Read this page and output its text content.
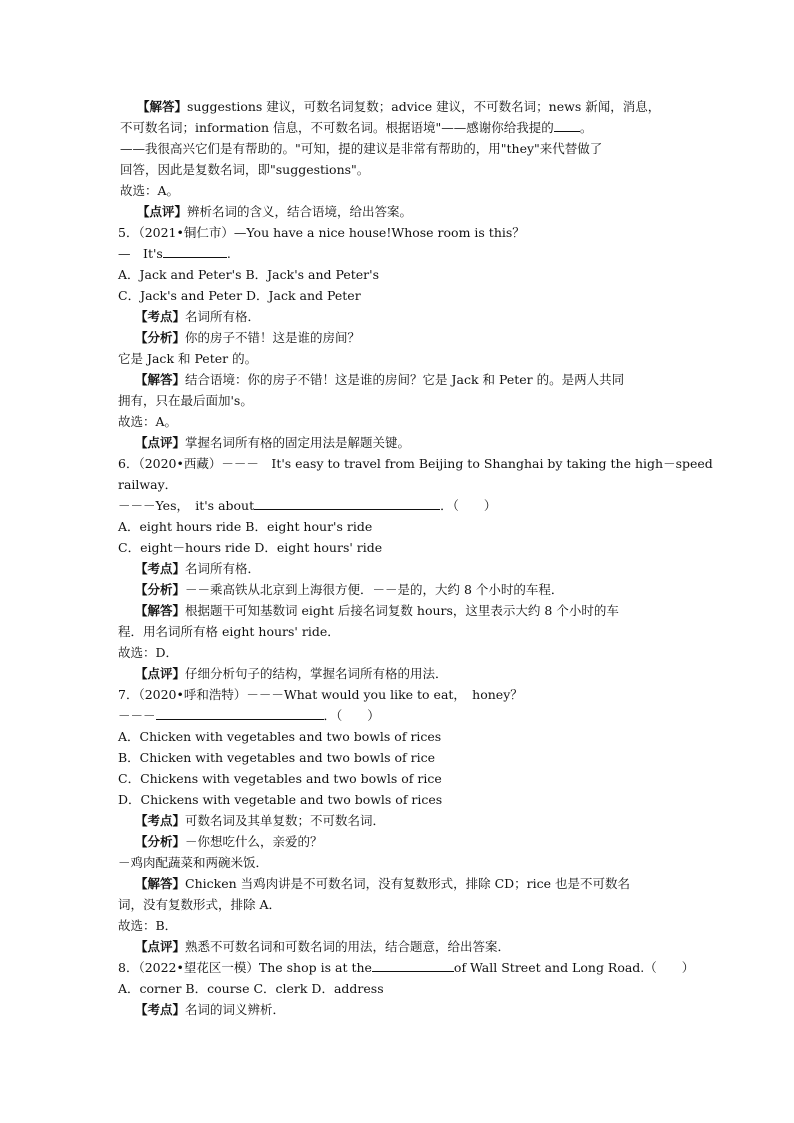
【解答】suggestions 建议，可数名词复数；advice 建议，不可数名词；news 新闻，消息，
不可数名词；information 信息，不可数名词。根据语境"——感谢你给我提的 。
——我很高兴它们是有帮助的。"可知，提的建议是非常有帮助的，用"they"来代替做了
回答，因此是复数名词，即"suggestions"。
故选：A。
【点评】辨析名词的含义，结合语境，给出答案。
5．（2021•铜仁市）—You have a nice house!Whose room is this？
—　It's	.
A．Jack and Peter's B．Jack's and Peter's
C．Jack's and Peter D．Jack and Peter
【考点】名词所有格．
【分析】你的房子不错！这是谁的房间？
它是 Jack 和 Peter 的。
【解答】结合语境：你的房子不错！这是谁的房间？它是 Jack 和 Peter 的。是两人共同
拥有，只在最后面加's。
故选：A。
【点评】掌握名词所有格的固定用法是解题关键。
6．（2020•西藏）－－－　It's easy to travel from Beijing to Shanghai by taking the high－speed
railway．
－－－Yes，　it's about	．（　　）
A．eight hours ride B．eight hour's ride
C．eight－hours ride D．eight hours' ride
【考点】名词所有格．
【分析】－－乘高铁从北京到上海很方便．－－是的，大约 8 个小时的车程．
【解答】根据题干可知基数词 eight 后接名词复数 hours，这里表示大约 8 个小时的车
程．用名词所有格 eight hours' ride．
故选：D．
【点评】仔细分析句子的结构，掌握名词所有格的用法．
7．（2020•呼和浩特）－－－What would you like to eat，　honey？
－－－	．（　　）
A．Chicken with vegetables and two bowls of rices
B．Chicken with vegetables and two bowls of rice
C．Chickens with vegetables and two bowls of rice
D．Chickens with vegetable and two bowls of rices
【考点】可数名词及其单复数；不可数名词．
【分析】－你想吃什么，亲爱的？
－鸡肉配蔬菜和两碗米饭．
【解答】Chicken 当鸡肉讲是不可数名词，没有复数形式，排除 CD；rice 也是不可数名
词，没有复数形式，排除 A．
故选：B．
【点评】熟悉不可数名词和可数名词的用法，结合题意，给出答案．
8．（2022•望花区一模）The shop is at the	of Wall Street and Long Road.（　　）
A．corner B．course C．clerk D．address
【考点】名词的词义辨析．
